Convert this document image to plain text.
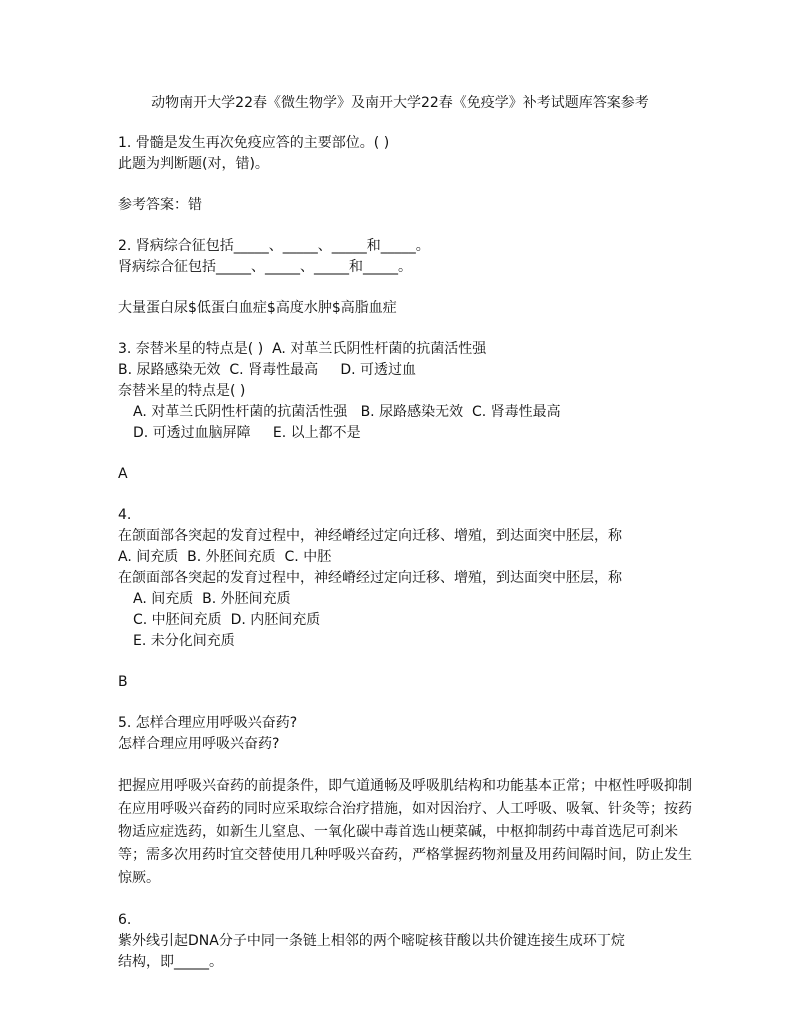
动物南开大学22春《微生物学》及南开大学22春《免疫学》补考试题库答案参考
1. 骨髓是发生再次免疫应答的主要部位。( )
此题为判断题(对，错)。
参考答案：错
2. 肾病综合征包括_____、_____、_____和_____。
肾病综合征包括_____、_____、_____和_____。
大量蛋白尿$低蛋白血症$高度水肿$高脂血症
3. 奈替米星的特点是( )  A. 对革兰氏阴性杆菌的抗菌活性强
B. 尿路感染无效  C. 肾毒性最高     D. 可透过血
奈替米星的特点是( )
A. 对革兰氏阴性杆菌的抗菌活性强   B. 尿路感染无效  C. 肾毒性最高
D. 可透过血脑屏障     E. 以上都不是
A
4.
在颌面部各突起的发育过程中，神经嵴经过定向迁移、增殖，到达面突中胚层，称
A. 间充质  B. 外胚间充质  C. 中胚
在颌面部各突起的发育过程中，神经嵴经过定向迁移、增殖，到达面突中胚层，称
A. 间充质  B. 外胚间充质
C. 中胚间充质  D. 内胚间充质
E. 未分化间充质
B
5. 怎样合理应用呼吸兴奋药?
怎样合理应用呼吸兴奋药?
把握应用呼吸兴奋药的前提条件，即气道通畅及呼吸肌结构和功能基本正常；中枢性呼吸抑制在应用呼吸兴奋药的同时应采取综合治疗措施，如对因治疗、人工呼吸、吸氧、针灸等；按药物适应症选药，如新生儿窒息、一氧化碳中毒首选山梗菜碱，中枢抑制药中毒首选尼可刹米等；需多次用药时宜交替使用几种呼吸兴奋药，严格掌握药物剂量及用药间隔时间，防止发生惊厥。
6.
紫外线引起DNA分子中同一条链上相邻的两个嘧啶核苷酸以共价键连接生成环丁烷
结构，即_____。
